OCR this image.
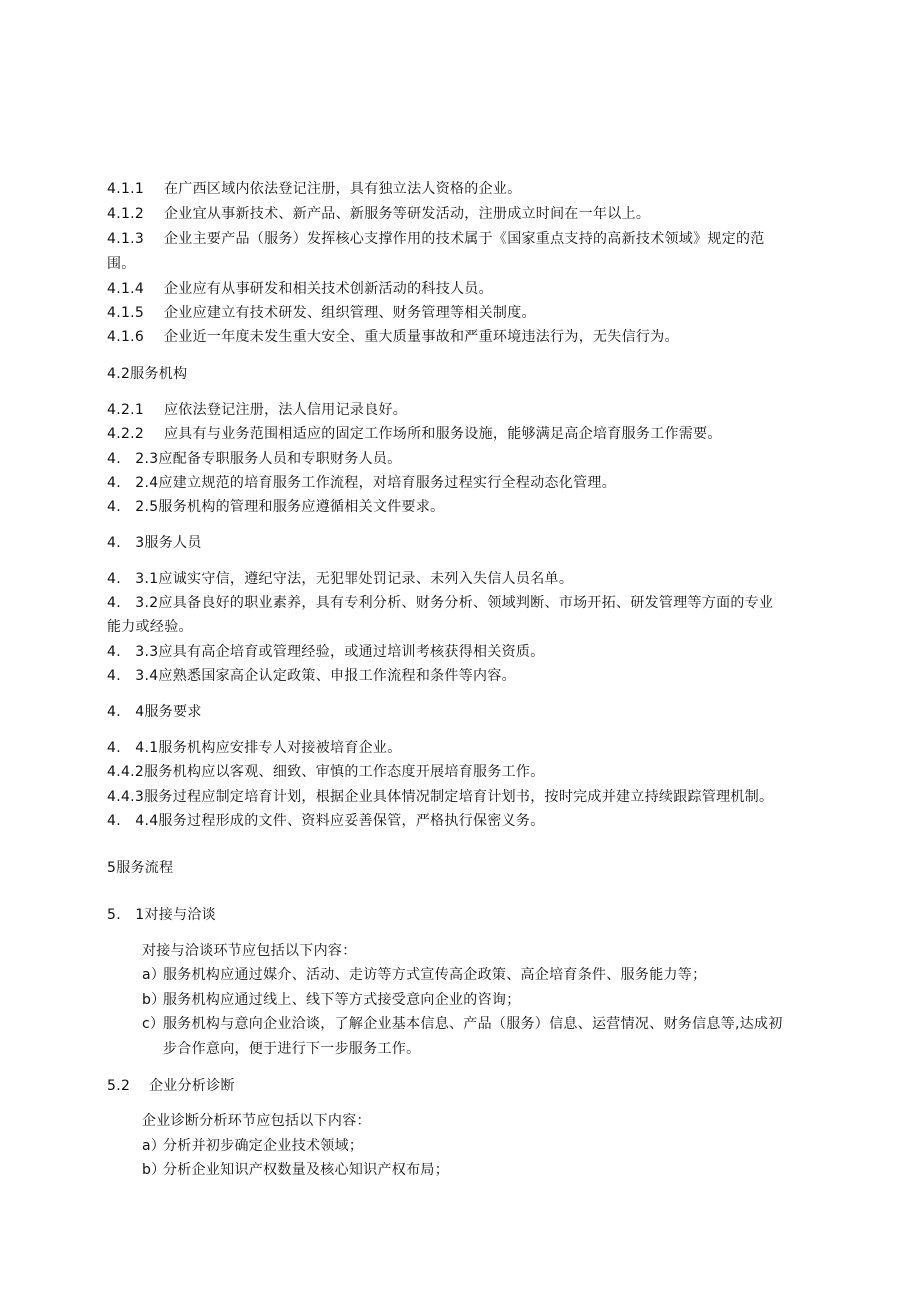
4.1.1 在广西区域内依法登记注册，具有独立法人资格的企业。
4.1.2 企业宜从事新技术、新产品、新服务等研发活动，注册成立时间在一年以上。
4.1.3 企业主要产品（服务）发挥核心支撑作用的技术属于《国家重点支持的高新技术领域》规定的范
围。
4.1.4 企业应有从事研发和相关技术创新活动的科技人员。
4.1.5 企业应建立有技术研发、组织管理、财务管理等相关制度。
4.1.6 企业近一年度未发生重大安全、重大质量事故和严重环境违法行为，无失信行为。
4.2服务机构
4.2.1 应依法登记注册，法人信用记录良好。
4.2.2 应具有与业务范围相适应的固定工作场所和服务设施，能够满足高企培育服务工作需要。
4.　2.3应配备专职服务人员和专职财务人员。
4.　2.4应建立规范的培育服务工作流程，对培育服务过程实行全程动态化管理。
4.　2.5服务机构的管理和服务应遵循相关文件要求。
4.　3服务人员
4.　3.1应诚实守信，遵纪守法，无犯罪处罚记录、未列入失信人员名单。
4.　3.2应具备良好的职业素养，具有专利分析、财务分析、领域判断、市场开拓、研发管理等方面的专业
能力或经验。
4.　3.3应具有高企培育或管理经验，或通过培训考核获得相关资质。
4.　3.4应熟悉国家高企认定政策、申报工作流程和条件等内容。
4.　4服务要求
4.　4.1服务机构应安排专人对接被培育企业。
4.4.2服务机构应以客观、细致、审慎的工作态度开展培育服务工作。
4.4.3服务过程应制定培育计划，根据企业具体情况制定培育计划书，按时完成并建立持续跟踪管理机制。
4.　4.4服务过程形成的文件、资料应妥善保管，严格执行保密义务。
5服务流程
5.　1对接与洽谈
对接与洽谈环节应包括以下内容：
a）
服务机构应通过媒介、活动、走访等方式宣传高企政策、高企培育条件、服务能力等；
b）
服务机构应通过线上、线下等方式接受意向企业的咨询；
c）
服务机构与意向企业洽谈，了解企业基本信息、产品（服务）信息、运营情况、财务信息等,达成初
步合作意向，便于进行下一步服务工作。
5.2 企业分析诊断
企业诊断分析环节应包括以下内容：
a）
分析并初步确定企业技术领域；
b）
分析企业知识产权数量及核心知识产权布局；
